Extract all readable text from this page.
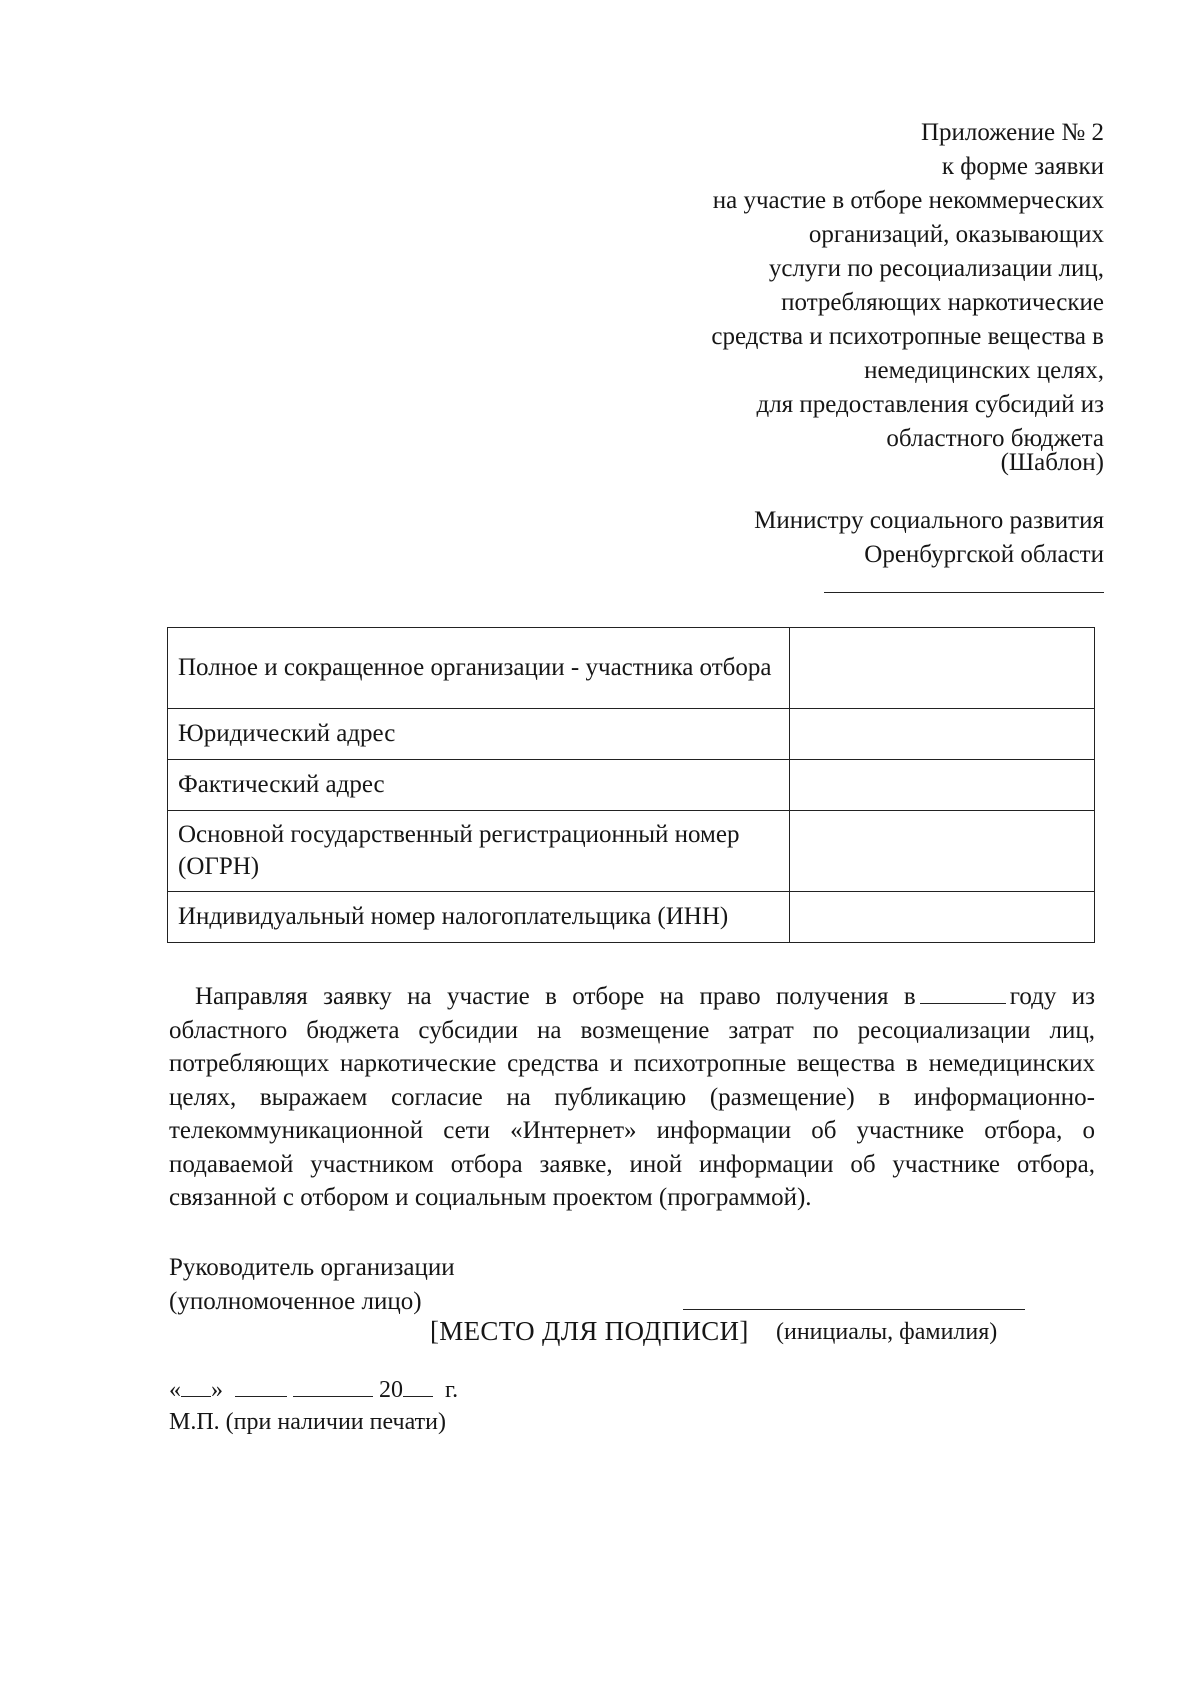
Приложение № 2
к форме заявки
на участие в отборе некоммерческих
организаций, оказывающих
услуги по ресоциализации лиц,
потребляющих наркотические
средства и психотропные вещества в
немедицинских целях,
для предоставления субсидий из
областного бюджета
(Шаблон)
Министру социального развития
Оренбургской области
Полное и сокращенное организации - участника отбора	
Юридический адрес	
Фактический адрес	
Основной государственный регистрационный номер (ОГРН)	
Индивидуальный номер налогоплательщика (ИНН)	
Направляя заявку на участие в отборе на право получения в	году из областного бюджета субсидии на возмещение затрат по ресоциализации лиц, потребляющих наркотические средства и психотропные вещества в немедицинских целях, выражаем согласие на публикацию (размещение) в информационно-телекоммуникационной сети «Интернет» информации об участнике отбора, о подаваемой участником отбора заявке, иной информации об участнике отбора, связанной с отбором и социальным проектом (программой).
Руководитель организации
(уполномоченное лицо)
[МЕСТО ДЛЯ ПОДПИСИ] (инициалы, фамилия)
« »	20 г.
М.П. (при наличии печати)
